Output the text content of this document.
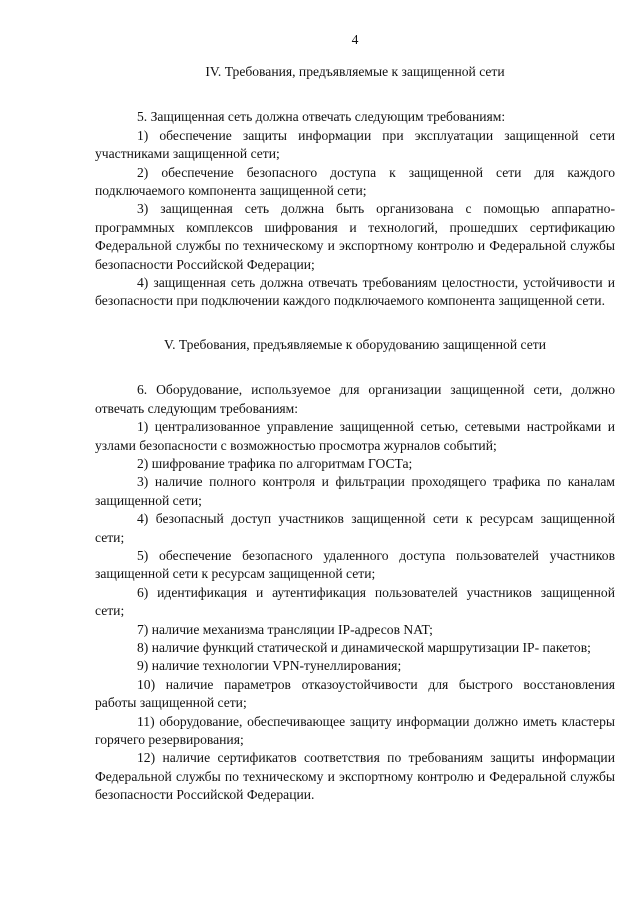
4
IV. Требования, предъявляемые к защищенной сети

5. Защищенная сеть должна отвечать следующим требованиям:

1) обеспечение защиты информации при эксплуатации защищенной сети участниками защищенной сети;

2) обеспечение безопасного доступа к защищенной сети для каждого подключаемого компонента защищенной сети;

3) защищенная сеть должна быть организована с помощью аппаратно-программных комплексов шифрования и технологий, прошедших сертификацию Федеральной службы по техническому и экспортному контролю и Федеральной службы безопасности Российской Федерации;

4) защищенная сеть должна отвечать требованиям целостности, устойчивости и безопасности при подключении каждого подключаемого компонента защищенной сети.

V. Требования, предъявляемые к оборудованию защищенной сети

6. Оборудование, используемое для организации защищенной сети, должно отвечать следующим требованиям:

1) централизованное управление защищенной сетью, сетевыми настройками и узлами безопасности с возможностью просмотра журналов событий;

2) шифрование трафика по алгоритмам ГОСТа;

3) наличие полного контроля и фильтрации проходящего трафика по каналам защищенной сети;

4) безопасный доступ участников защищенной сети к ресурсам защищенной сети;

5) обеспечение безопасного удаленного доступа пользователей участников защищенной сети к ресурсам защищенной сети;

6) идентификация и аутентификация пользователей участников защищенной сети;

7) наличие механизма трансляции IP-адресов NAT;

8) наличие функций статической и динамической маршрутизации IP- пакетов;

9) наличие технологии VPN-тунеллирования;

10) наличие параметров отказоустойчивости для быстрого восстановления работы защищенной сети;

11) оборудование, обеспечивающее защиту информации должно иметь кластеры горячего резервирования;

12) наличие сертификатов соответствия по требованиям защиты информации Федеральной службы по техническому и экспортному контролю и Федеральной службы безопасности Российской Федерации.
